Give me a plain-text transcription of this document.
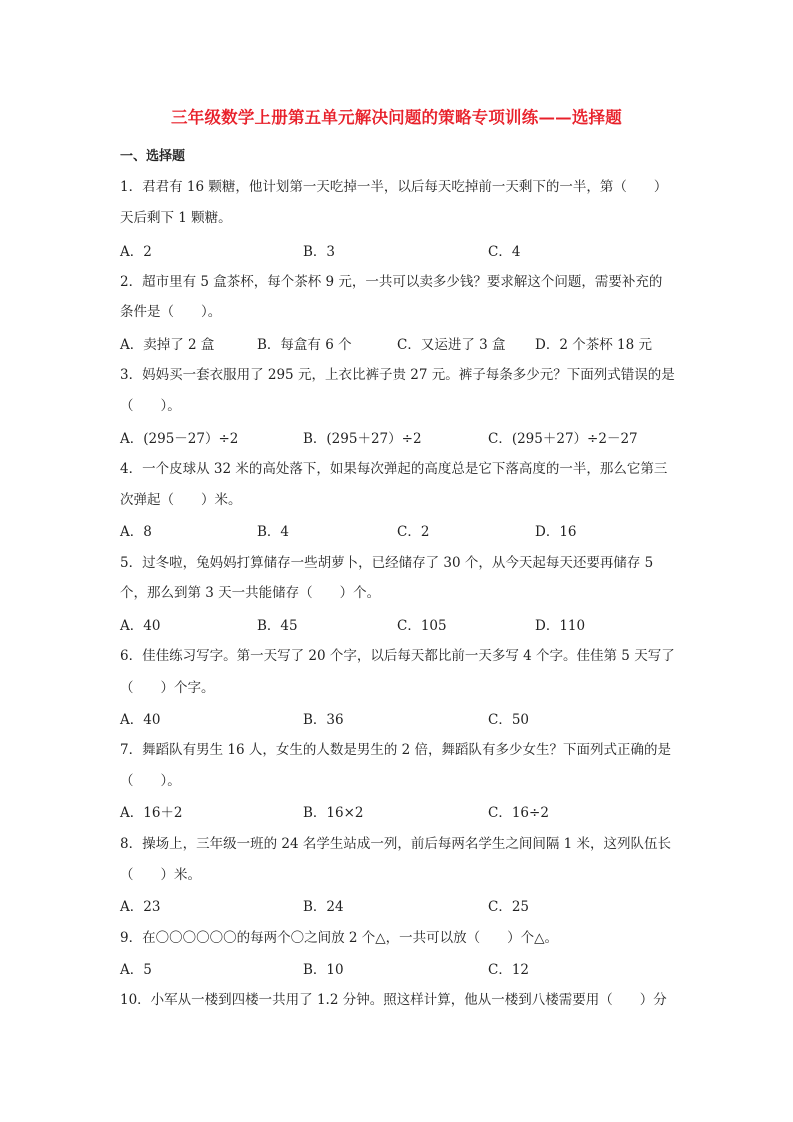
三年级数学上册第五单元解决问题的策略专项训练——选择题
一、选择题
1．君君有 16 颗糖，他计划第一天吃掉一半，以后每天吃掉前一天剩下的一半，第（　　）
天后剩下 1 颗糖。
A．2	B．3	C．4
2．超市里有 5 盒茶杯，每个茶杯 9 元，一共可以卖多少钱？要求解这个问题，需要补充的
条件是（　　）。
A．卖掉了 2 盒	B．每盒有 6 个	C．又运进了 3 盒 D．2 个茶杯 18 元
3．妈妈买一套衣服用了 295 元，上衣比裤子贵 27 元。裤子每条多少元？下面列式错误的是
（　　）。
A．(295－27）÷2	B．(295＋27）÷2	C．(295＋27）÷2－27
4．一个皮球从 32 米的高处落下，如果每次弹起的高度总是它下落高度的一半，那么它第三
次弹起（　　）米。
A．8	B．4	C．2	D．16
5．过冬啦，兔妈妈打算储存一些胡萝卜，已经储存了 30 个，从今天起每天还要再储存 5
个，那么到第 3 天一共能储存（　　）个。
A．40	B．45	C．105	D．110
6．佳佳练习写字。第一天写了 20 个字，以后每天都比前一天多写 4 个字。佳佳第 5 天写了
（　　）个字。
A．40	B．36	C．50
7．舞蹈队有男生 16 人，女生的人数是男生的 2 倍，舞蹈队有多少女生？下面列式正确的是
（　　）。
A．16＋2	B．16×2	C．16÷2
8．操场上，三年级一班的 24 名学生站成一列，前后每两名学生之间间隔 1 米，这列队伍长
（　　）米。
A．23	B．24	C．25
9．在〇〇〇〇〇〇的每两个〇之间放 2 个△，一共可以放（　　）个△。
A．5	B．10	C．12
10．小军从一楼到四楼一共用了 1.2 分钟。照这样计算，他从一楼到八楼需要用（　　）分
